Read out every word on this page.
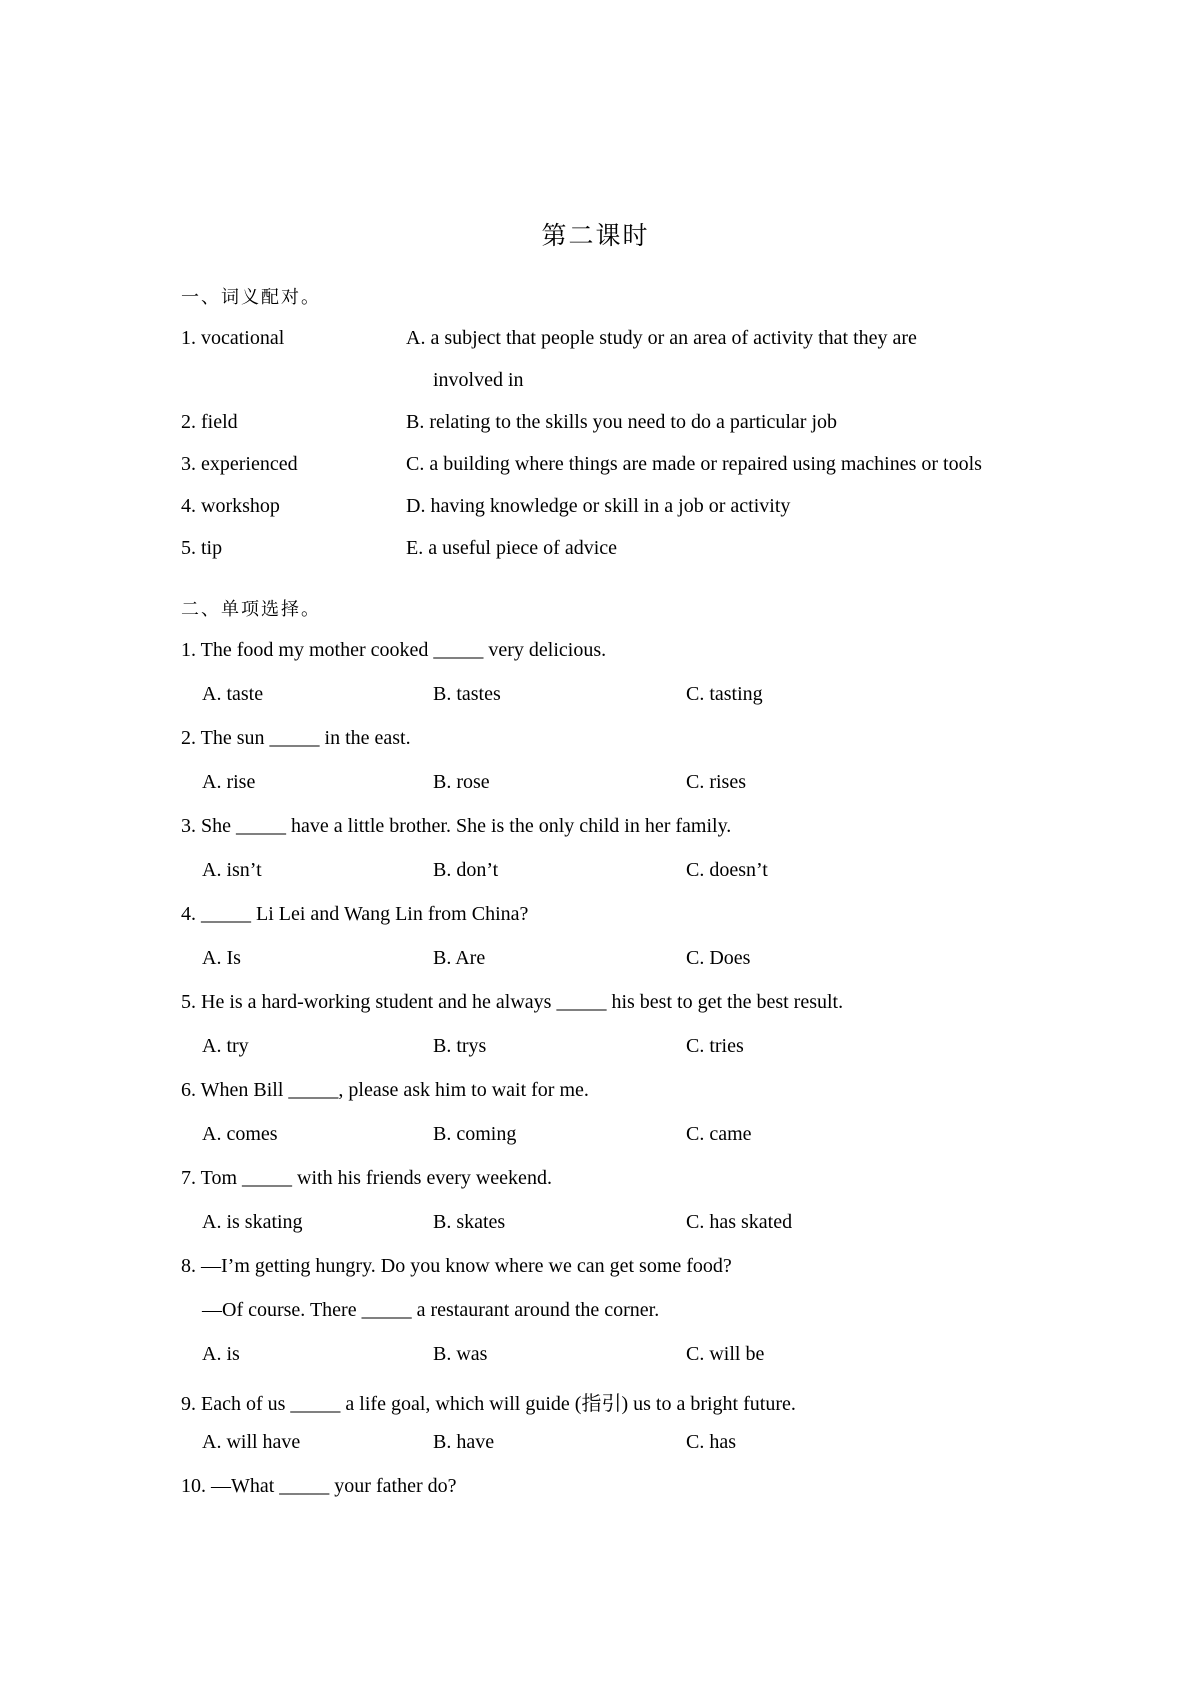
第二课时
一、词义配对。
1. vocational	A. a subject that people study or an area of activity that they are
involved in
2. field	B. relating to the skills you need to do a particular job
3. experienced	C. a building where things are made or repaired using machines or tools
4. workshop	D. having knowledge or skill in a job or activity
5. tip	E. a useful piece of advice
二、单项选择。
1. The food my mother cooked _____ very delicious.
A. taste	B. tastes	C. tasting
2. The sun _____ in the east.
A. rise	B. rose	C. rises
3. She _____ have a little brother. She is the only child in her family.
A. isn’t	B. don’t	C. doesn’t
4. _____ Li Lei and Wang Lin from China?
A. Is	B. Are	C. Does
5. He is a hard-working student and he always _____ his best to get the best result.
A. try	B. trys	C. tries
6. When Bill _____, please ask him to wait for me.
A. comes	B. coming	C. came
7. Tom _____ with his friends every weekend.
A. is skating	B. skates	C. has skated
8. —I’m getting hungry. Do you know where we can get some food?
—Of course. There _____ a restaurant around the corner.
A. is	B. was	C. will be
9. Each of us _____ a life goal, which will guide (指引) us to a bright future.
A. will have	B. have	C. has
10. —What _____ your father do?
